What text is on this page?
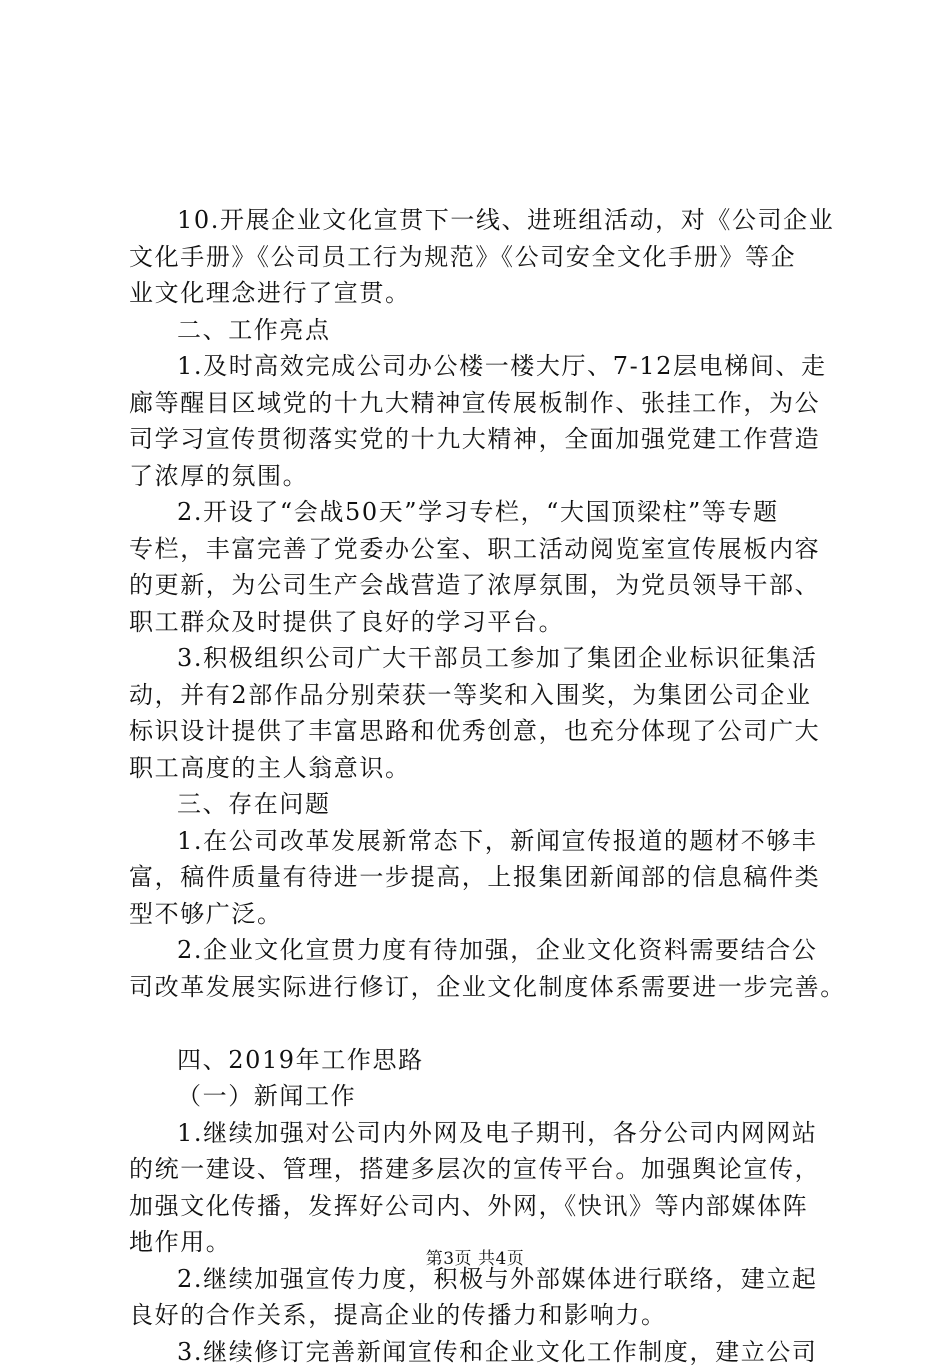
10.开展企业文化宣贯下一线、进班组活动，对《公司企业
文化手册》《公司员工行为规范》《公司安全文化手册》等企
业文化理念进行了宣贯。
二、工作亮点
1.及时高效完成公司办公楼一楼大厅、7-12层电梯间、走
廊等醒目区域党的十九大精神宣传展板制作、张挂工作，为公
司学习宣传贯彻落实党的十九大精神，全面加强党建工作营造
了浓厚的氛围。
2.开设了“会战50天”学习专栏，“大国顶梁柱”等专题
专栏，丰富完善了党委办公室、职工活动阅览室宣传展板内容
的更新，为公司生产会战营造了浓厚氛围，为党员领导干部、
职工群众及时提供了良好的学习平台。
3.积极组织公司广大干部员工参加了集团企业标识征集活
动，并有2部作品分别荣获一等奖和入围奖，为集团公司企业
标识设计提供了丰富思路和优秀创意，也充分体现了公司广大
职工高度的主人翁意识。
三、存在问题
1.在公司改革发展新常态下，新闻宣传报道的题材不够丰
富，稿件质量有待进一步提高，上报集团新闻部的信息稿件类
型不够广泛。
2.企业文化宣贯力度有待加强，企业文化资料需要结合公
司改革发展实际进行修订，企业文化制度体系需要进一步完善。
四、2019年工作思路
（一）新闻工作
1.继续加强对公司内外网及电子期刊，各分公司内网网站
的统一建设、管理，搭建多层次的宣传平台。加强舆论宣传，
加强文化传播，发挥好公司内、外网，《快讯》等内部媒体阵
地作用。
2.继续加强宣传力度，积极与外部媒体进行联络，建立起
良好的合作关系，提高企业的传播力和影响力。
3.继续修订完善新闻宣传和企业文化工作制度，建立公司
第3页 共4页
